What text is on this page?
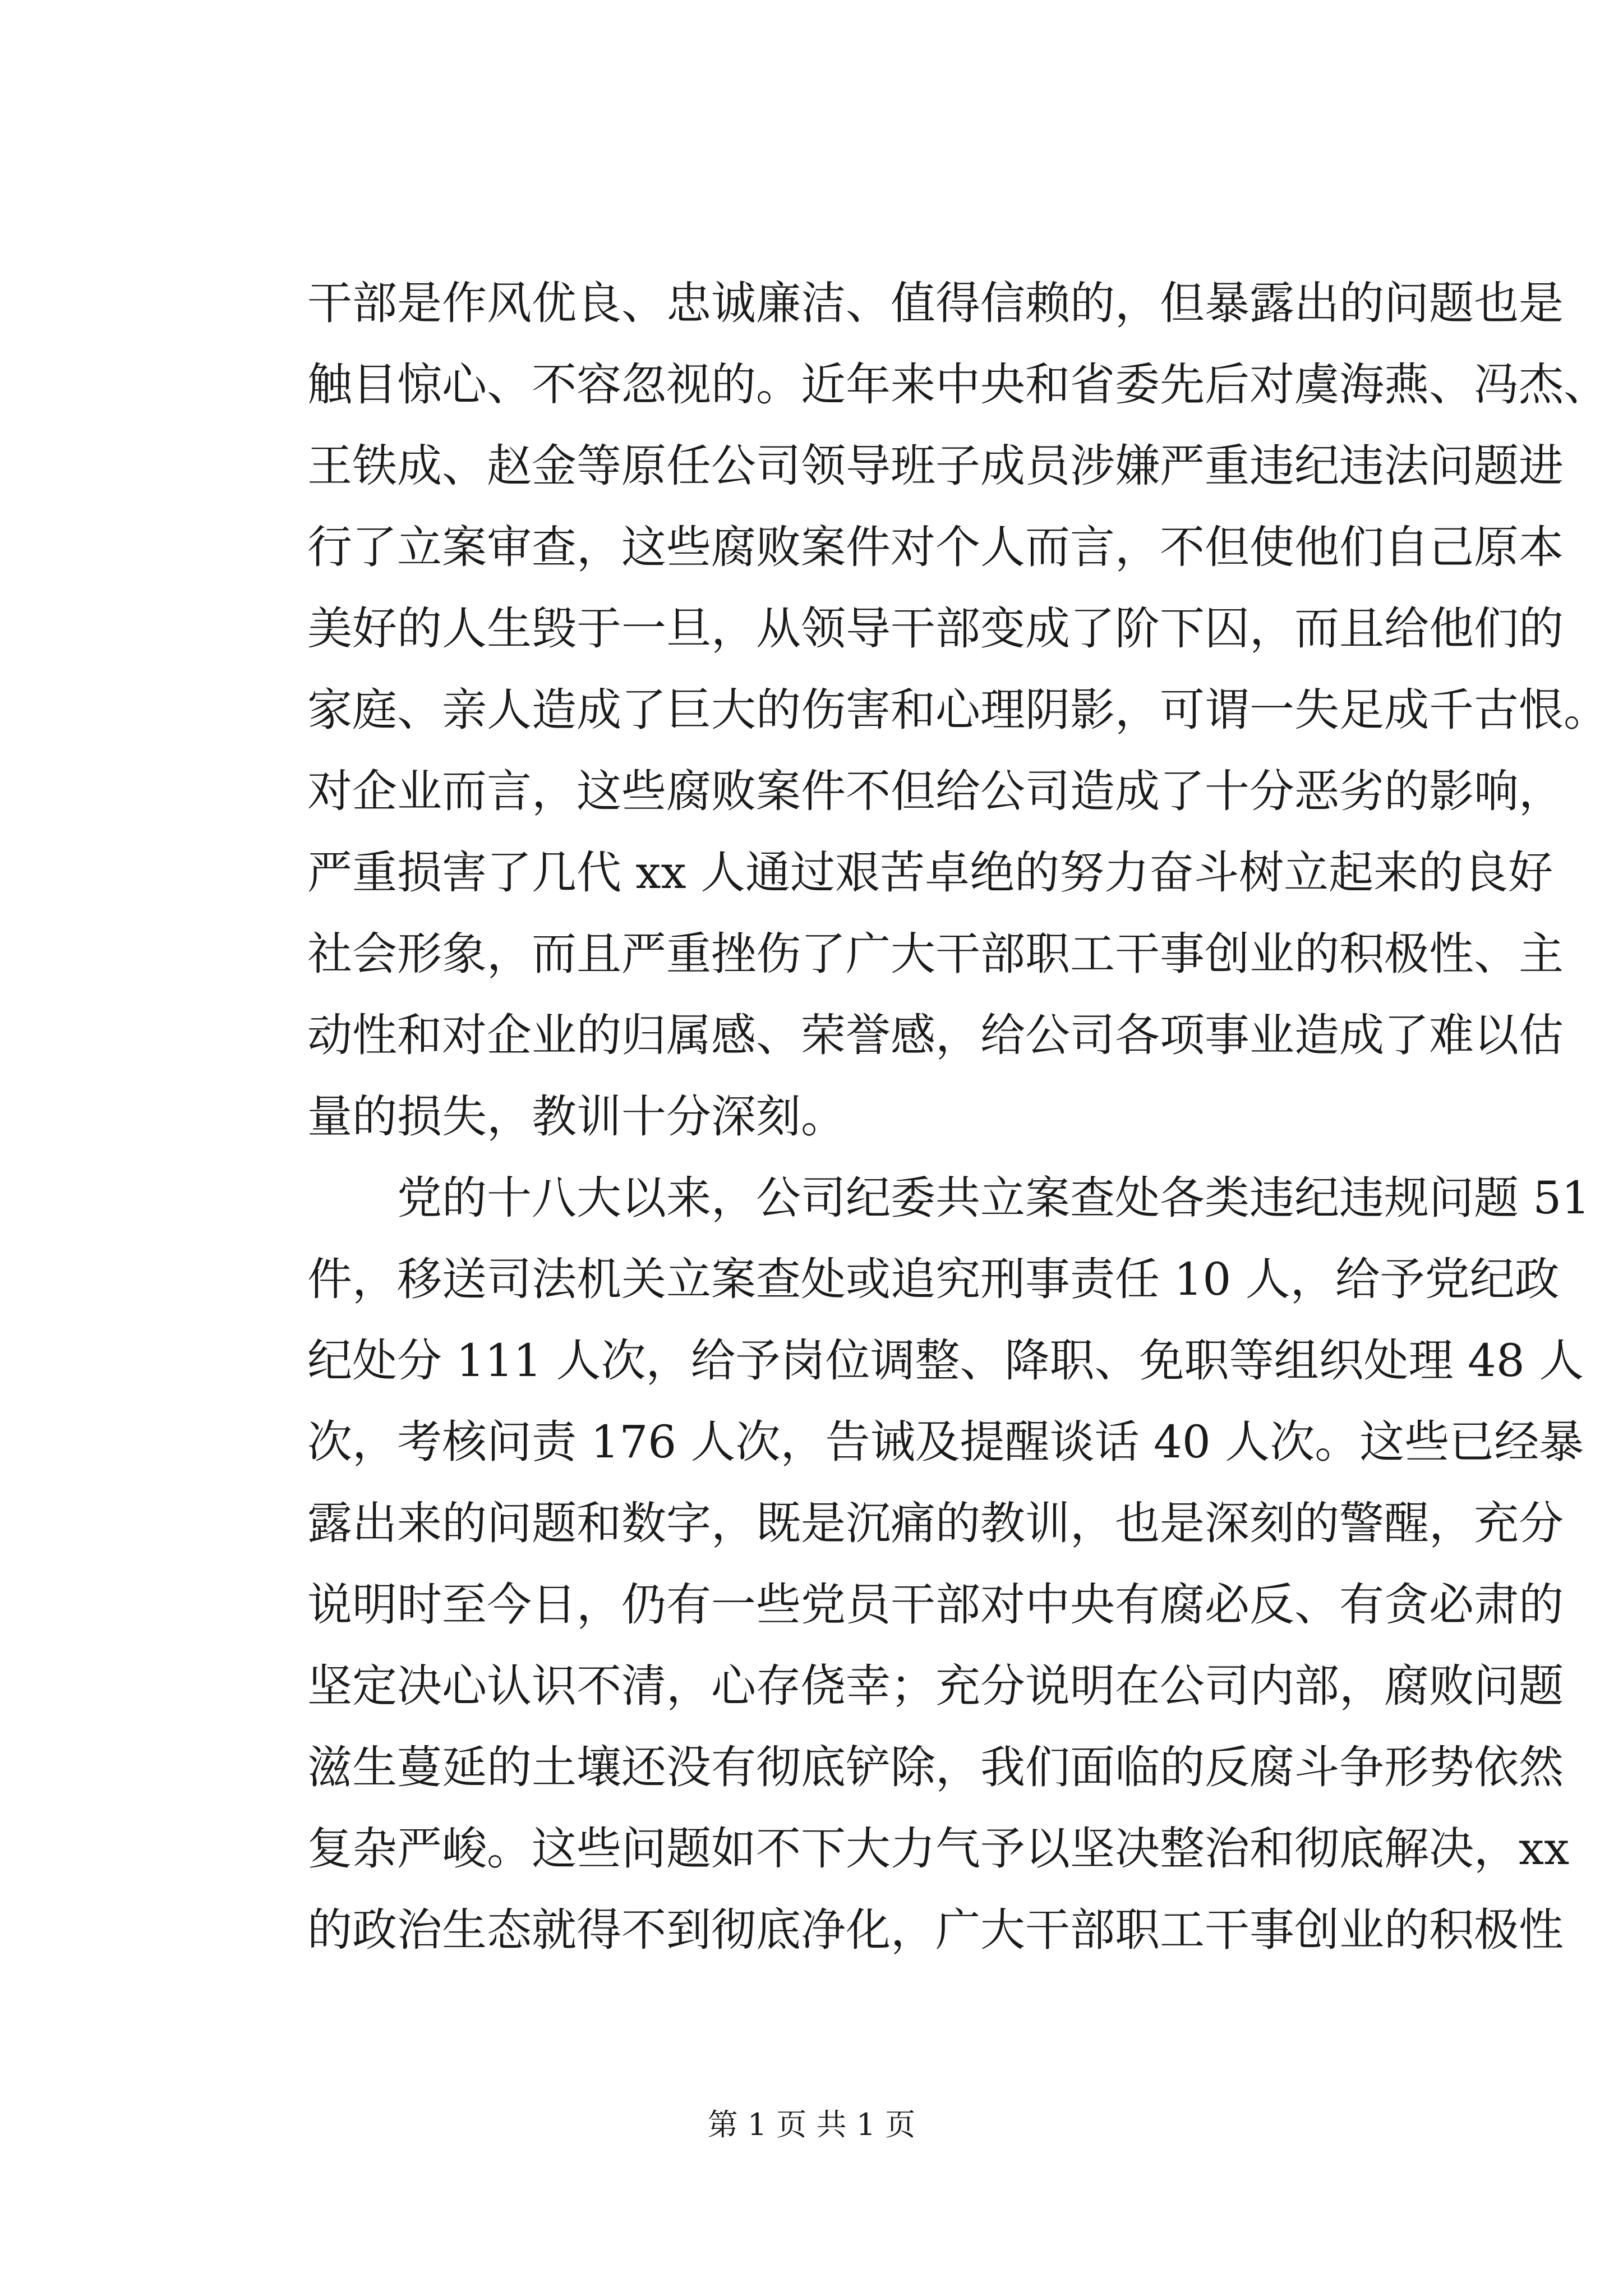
干部是作风优良、忠诚廉洁、值得信赖的，但暴露出的问题也是
触目惊心、不容忽视的。近年来中央和省委先后对虞海燕、冯杰、
王铁成、赵金等原任公司领导班子成员涉嫌严重违纪违法问题进
行了立案审查，这些腐败案件对个人而言，不但使他们自己原本
美好的人生毁于一旦，从领导干部变成了阶下囚，而且给他们的
家庭、亲人造成了巨大的伤害和心理阴影，可谓一失足成千古恨。
对企业而言，这些腐败案件不但给公司造成了十分恶劣的影响，
严重损害了几代 xx 人通过艰苦卓绝的努力奋斗树立起来的良好
社会形象，而且严重挫伤了广大干部职工干事创业的积极性、主
动性和对企业的归属感、荣誉感，给公司各项事业造成了难以估
量的损失，教训十分深刻。
　　党的十八大以来，公司纪委共立案查处各类违纪违规问题 51
件，移送司法机关立案查处或追究刑事责任 10 人，给予党纪政
纪处分 111 人次，给予岗位调整、降职、免职等组织处理 48 人
次，考核问责 176 人次，告诫及提醒谈话 40 人次。这些已经暴
露出来的问题和数字，既是沉痛的教训，也是深刻的警醒，充分
说明时至今日，仍有一些党员干部对中央有腐必反、有贪必肃的
坚定决心认识不清，心存侥幸；充分说明在公司内部，腐败问题
滋生蔓延的土壤还没有彻底铲除，我们面临的反腐斗争形势依然
复杂严峻。这些问题如不下大力气予以坚决整治和彻底解决，xx
的政治生态就得不到彻底净化，广大干部职工干事创业的积极性
第 1 页 共 1 页
